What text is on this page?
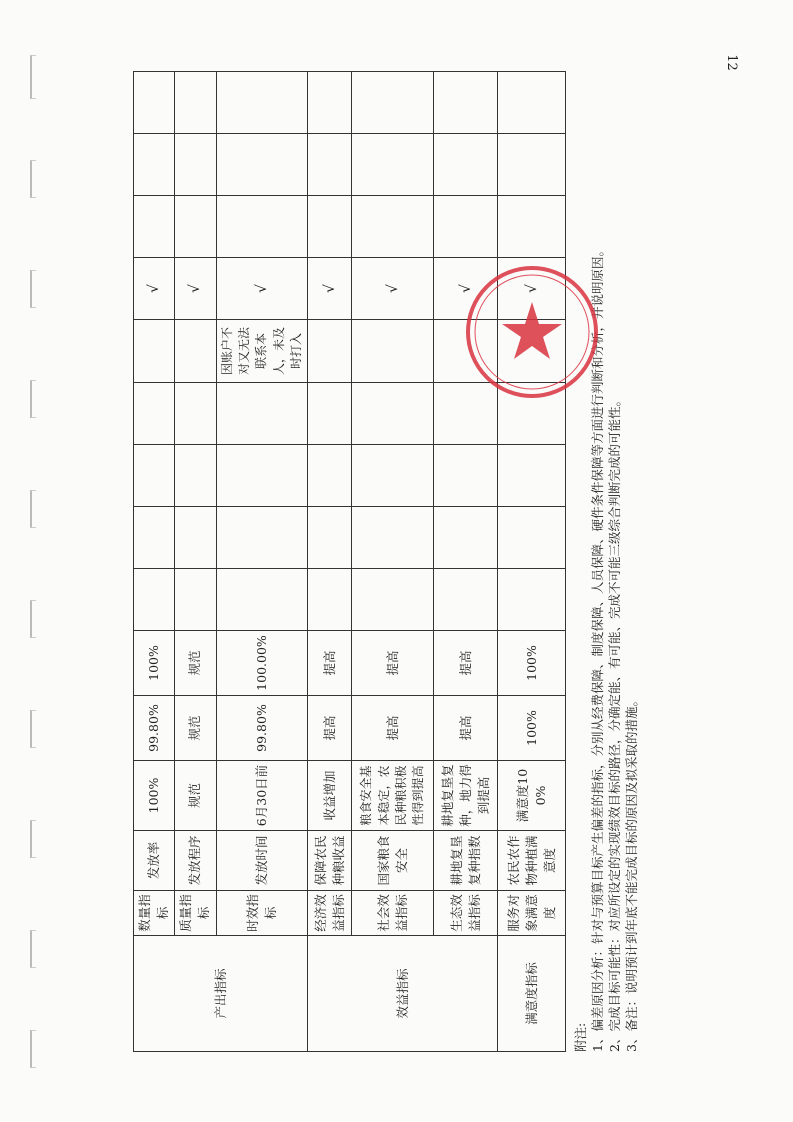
12
产出指标	数量指标	发放率	100%	99.80%	100%						√			
	质量指标	发放程序	规范	规范	规范						√			
	时效指标	发放时间	6月30日前	99.80%	100.00%					因账户不对又无法联系本人，未及时打入	√			
效益指标	经济效益指标	保障农民种粮收益	收益增加	提高	提高						√			
	社会效益指标	国家粮食安全	粮食安全基本稳定，农民种粮积极性得到提高	提高	提高						√			
	生态效益指标	耕地复垦复种指数	耕地复垦复种，地力得到提高	提高	提高						√			
满意度指标	服务对象满意度	农民农作物种植满意度	满意度100%	100%	100%						√			
附注: 1、偏差原因分析：针对与预算目标产生偏差的指标，分别从经费保障、制度保障、人员保障、硬件条件保障等方面进行判断和分析，并说明原因。 2、完成目标可能性：对应所设定的实现绩效目标的路径，分确定能、有可能、完成不可能三级综合判断完成的可能性。 3、备注：说明预计到年底不能完成目标的原因及拟采取的措施。
